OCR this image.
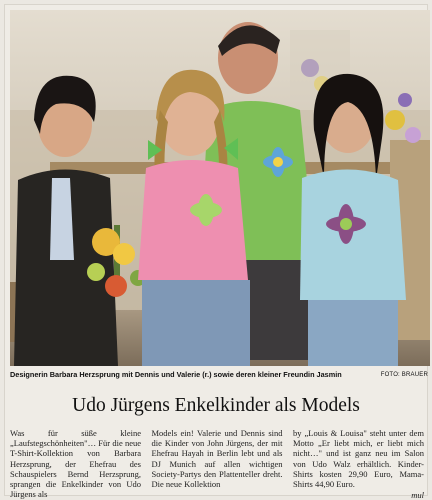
Designerin Barbara Herzsprung mit Dennis und Valerie (r.) sowie deren kleiner Freundin Jasmin	FOTO: BRAUER
Udo Jürgens Enkelkinder als Models

Was für süße kleine „Laufstegschönheiten"… Für die neue T-Shirt-Kollektion von Barbara Herzsprung, der Ehefrau des Schauspielers Bernd Herzsprung, sprangen die Enkelkinder von Udo Jürgens als

Models ein! Valerie und Dennis sind die Kinder von John Jürgens, der mit Ehefrau Hayah in Berlin lebt und als DJ Munich auf allen wichtigen Society-Partys den Plattenteller dreht. Die neue Kollektion

by „Louis & Louisa" steht unter dem Motto „Er liebt mich, er liebt mich nicht…" und ist ganz neu im Salon von Udo Walz erhältlich. Kinder-Shirts kosten 29,90 Euro, Mama-Shirts 44,90 Euro.

mul
